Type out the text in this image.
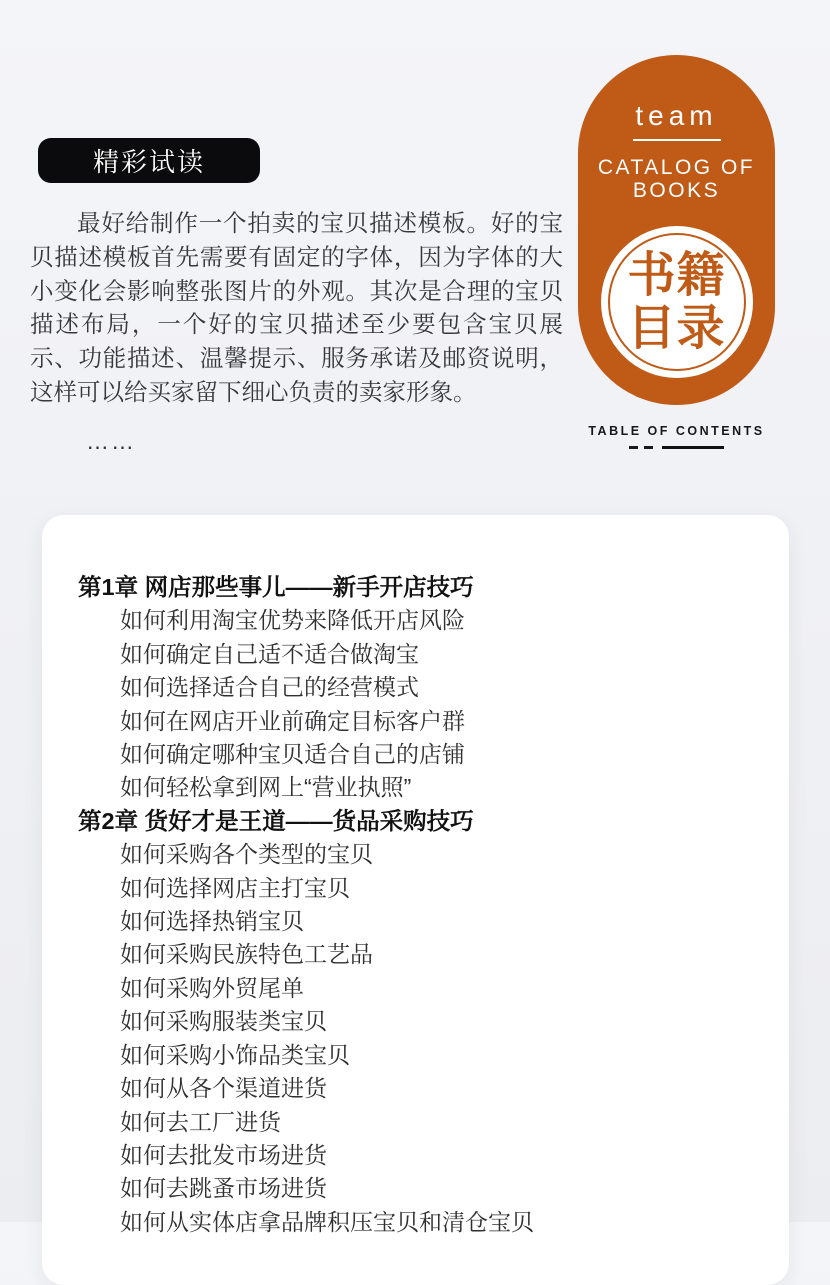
精彩试读

最好给制作一个拍卖的宝贝描述模板。好的宝贝描述模板首先需要有固定的字体，因为字体的大小变化会影响整张图片的外观。其次是合理的宝贝描述布局，一个好的宝贝描述至少要包含宝贝展示、功能描述、温馨提示、服务承诺及邮资说明，这样可以给买家留下细心负责的卖家形象。

……
team
CATALOG OF
BOOKS
书籍
目录
TABLE OF CONTENTS
第1章 网店那些事儿——新手开店技巧
如何利用淘宝优势来降低开店风险
如何确定自己适不适合做淘宝
如何选择适合自己的经营模式
如何在网店开业前确定目标客户群
如何确定哪种宝贝适合自己的店铺
如何轻松拿到网上“营业执照”
第2章 货好才是王道——货品采购技巧
如何采购各个类型的宝贝
如何选择网店主打宝贝
如何选择热销宝贝
如何采购民族特色工艺品
如何采购外贸尾单
如何采购服装类宝贝
如何采购小饰品类宝贝
如何从各个渠道进货
如何去工厂进货
如何去批发市场进货
如何去跳蚤市场进货
如何从实体店拿品牌积压宝贝和清仓宝贝
